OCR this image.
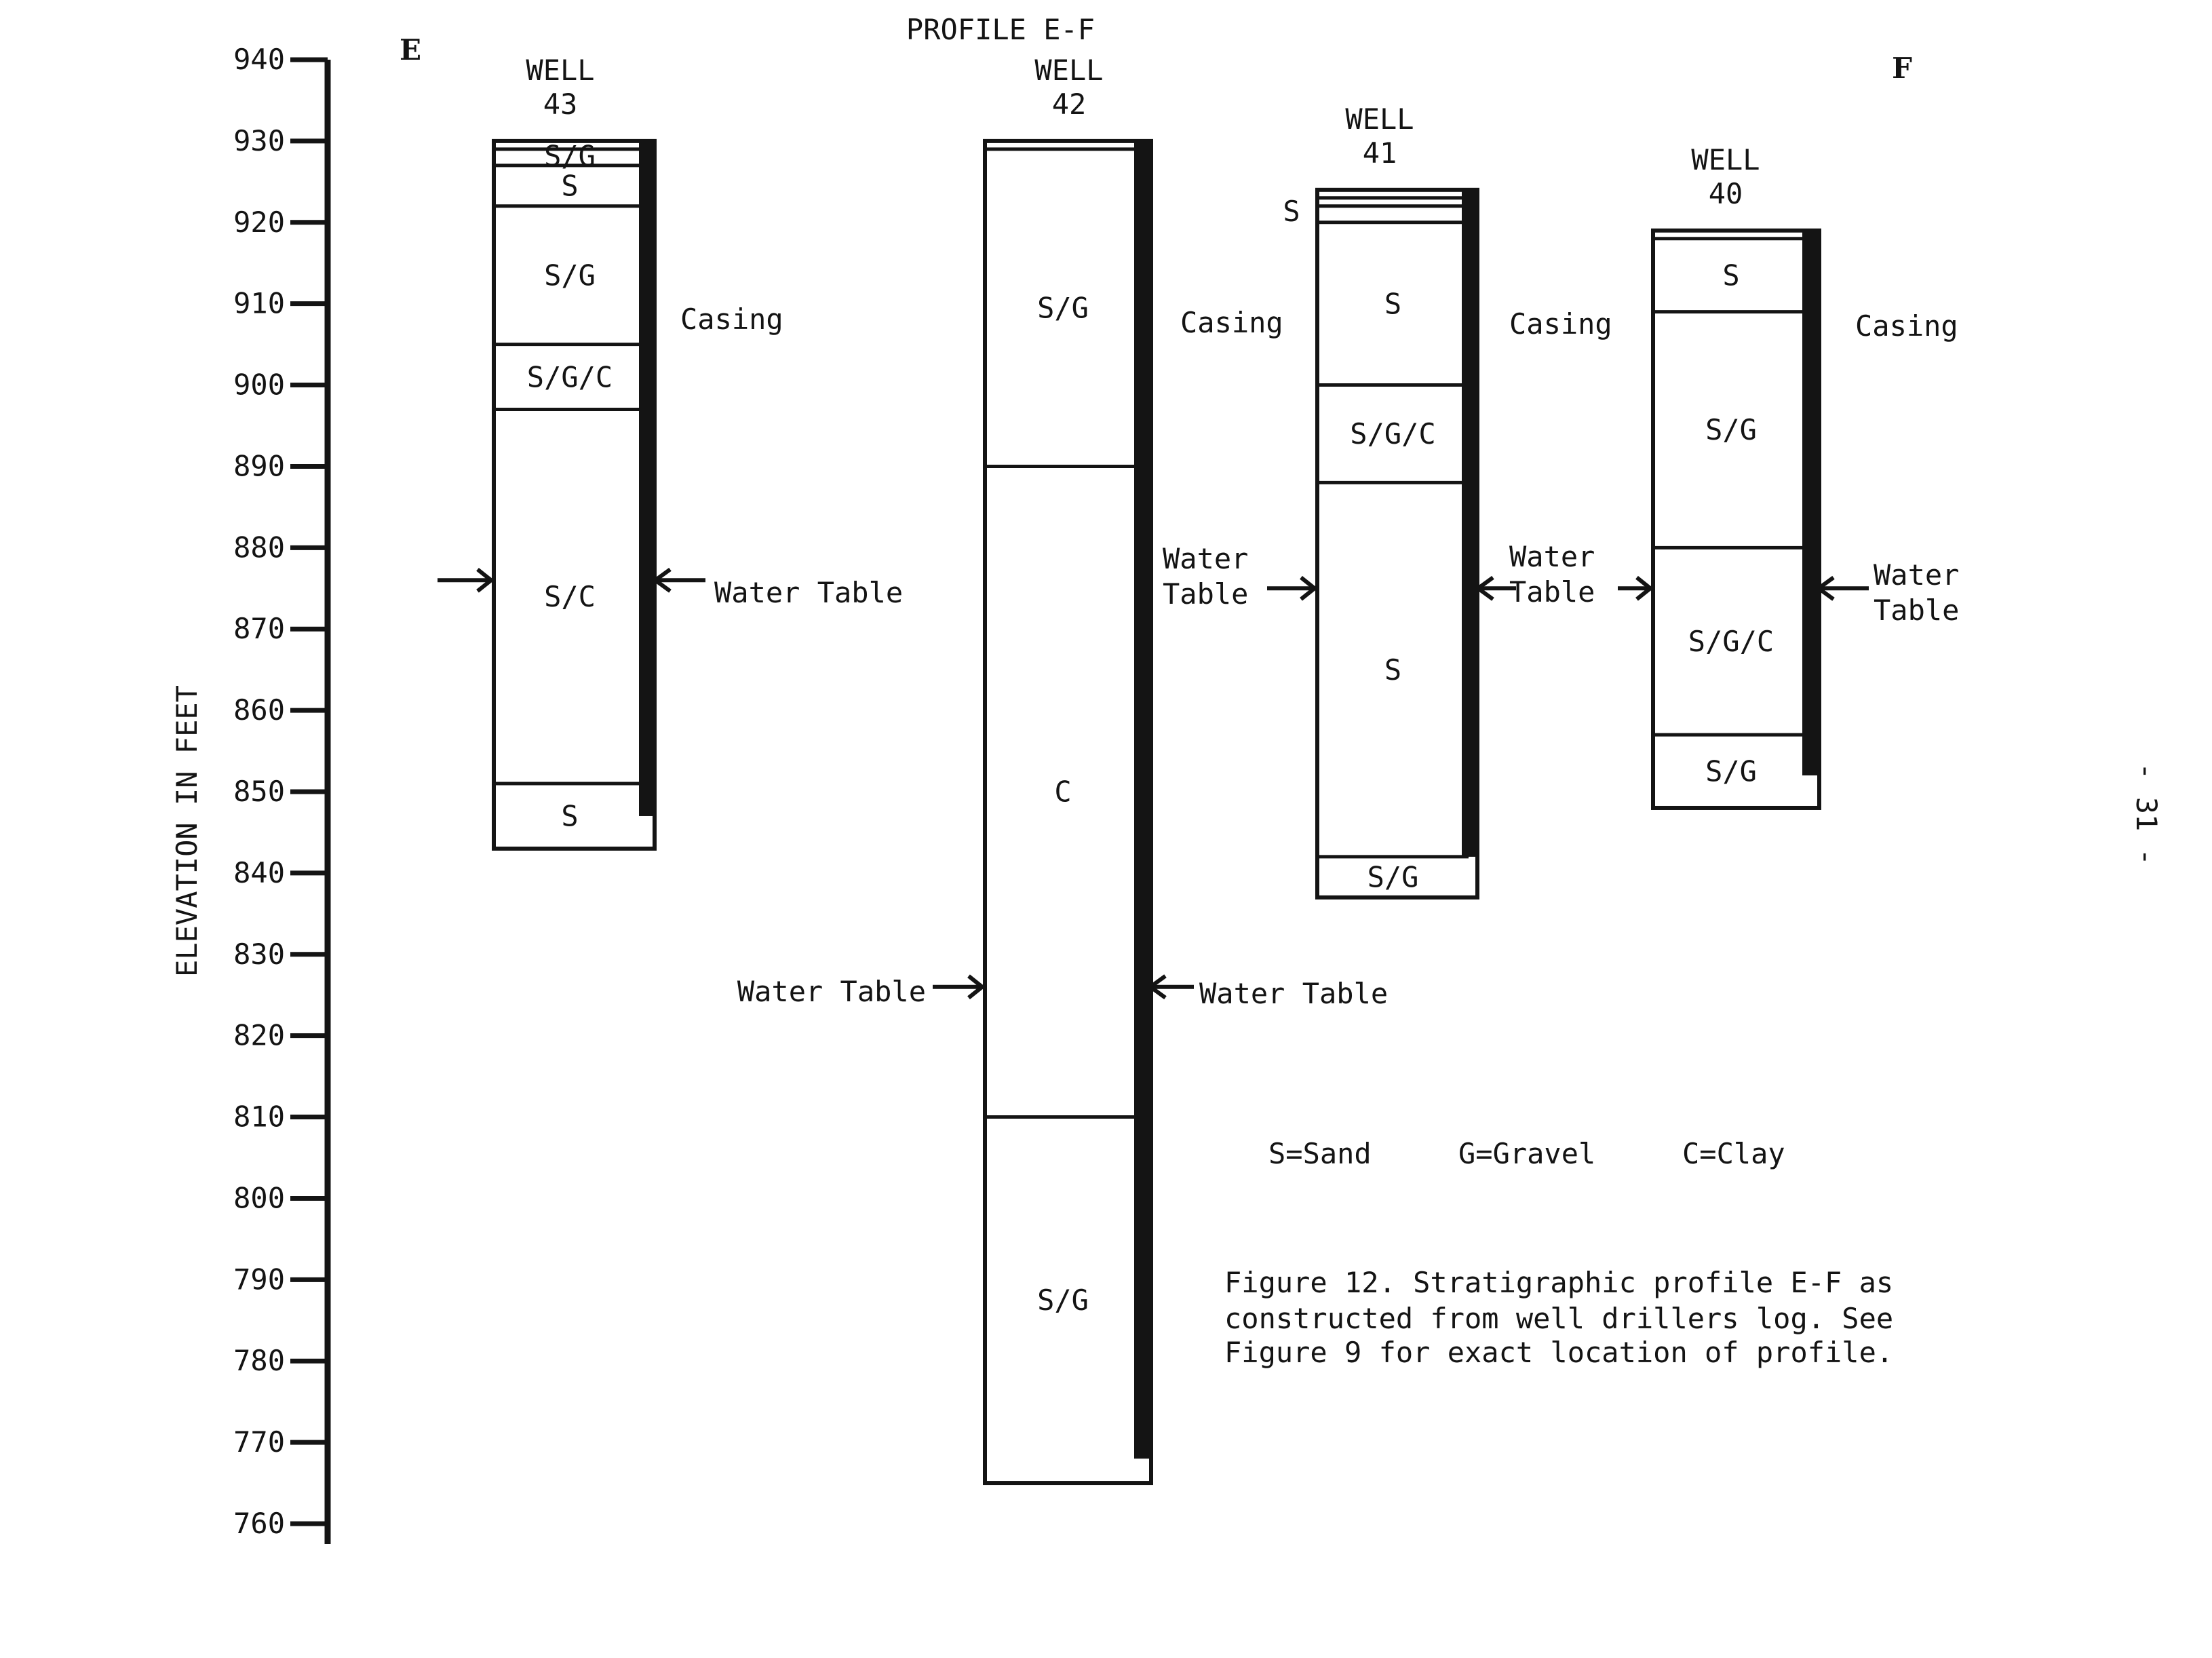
PROFILE E-F
E
F
- 31 -
940
930
920
910
900
890
880
870
860
850
840
830
820
810
800
790
780
770
760
ELEVATION IN FEET
WELL
43
S/G
S
S/G
S/G/C
S/C
S
Casing
Water Table
WELL
42
S/G
C
S/G
Casing
Water Table
Water Table
WELL
41
S
S/G/C
S
S/G
Casing
Water
Table
Water
Table
S
WELL
40
S
S/G
S/G/C
S/G
Casing
Water
Table
S=Sand	G=Gravel	C=Clay
Figure 12. Stratigraphic profile E-F as
constructed from well drillers log. See
Figure 9 for exact location of profile.
